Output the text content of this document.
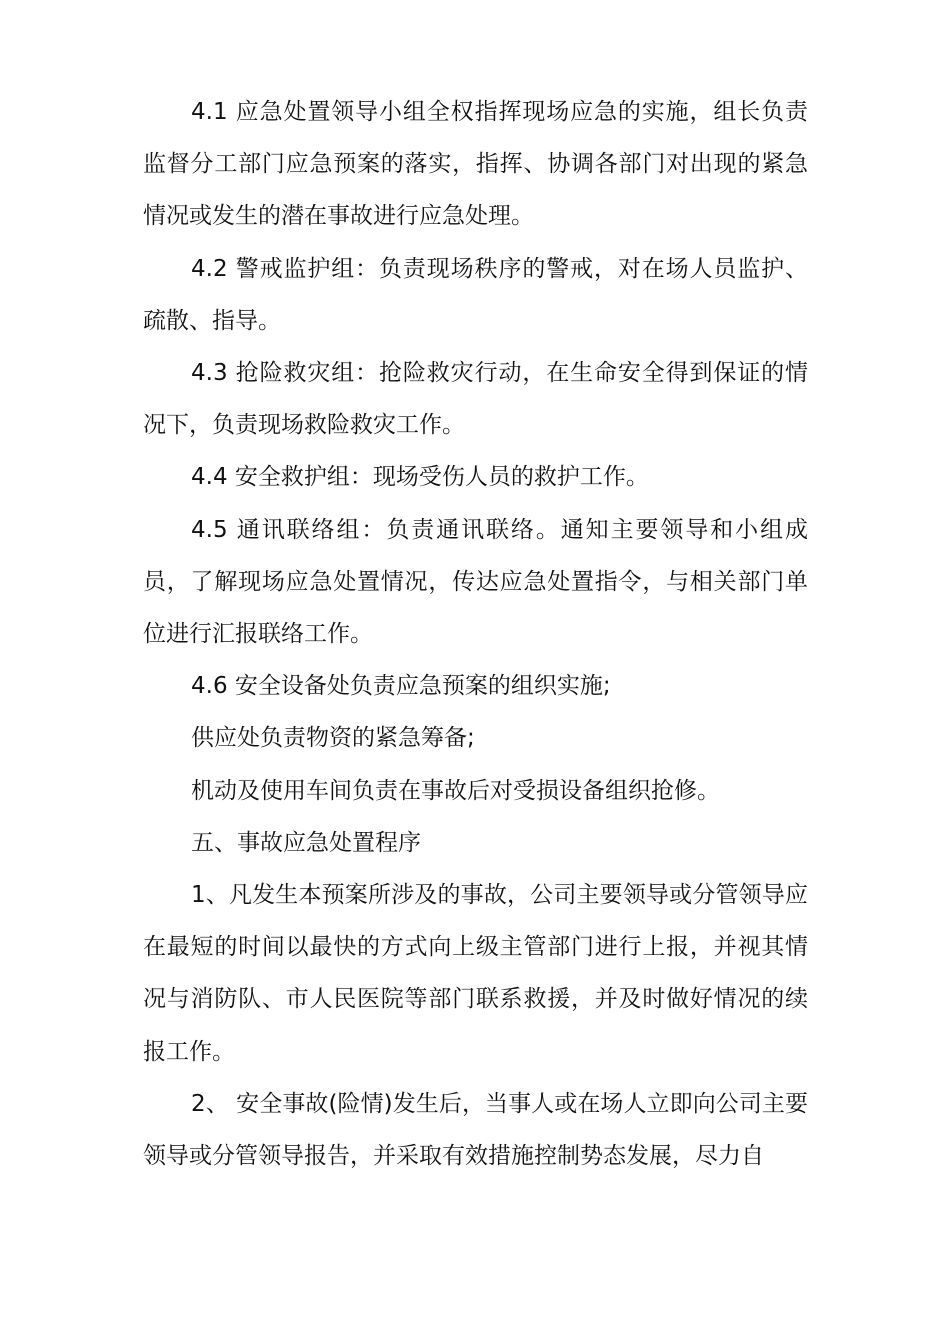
4.1 应急处置领导小组全权指挥现场应急的实施，组长负责监督分工部门应急预案的落实，指挥、协调各部门对出现的紧急情况或发生的潜在事故进行应急处理。

4.2 警戒监护组：负责现场秩序的警戒，对在场人员监护、疏散、指导。

4.3 抢险救灾组：抢险救灾行动，在生命安全得到保证的情况下，负责现场救险救灾工作。

4.4 安全救护组：现场受伤人员的救护工作。

4.5 通讯联络组：负责通讯联络。通知主要领导和小组成员，了解现场应急处置情况，传达应急处置指令，与相关部门单位进行汇报联络工作。

4.6 安全设备处负责应急预案的组织实施;

供应处负责物资的紧急筹备;

机动及使用车间负责在事故后对受损设备组织抢修。

五、事故应急处置程序

1、凡发生本预案所涉及的事故，公司主要领导或分管领导应在最短的时间以最快的方式向上级主管部门进行上报，并视其情况与消防队、市人民医院等部门联系救援，并及时做好情况的续报工作。

2、 安全事故(险情)发生后，当事人或在场人立即向公司主要领导或分管领导报告，并采取有效措施控制势态发展，尽力自
